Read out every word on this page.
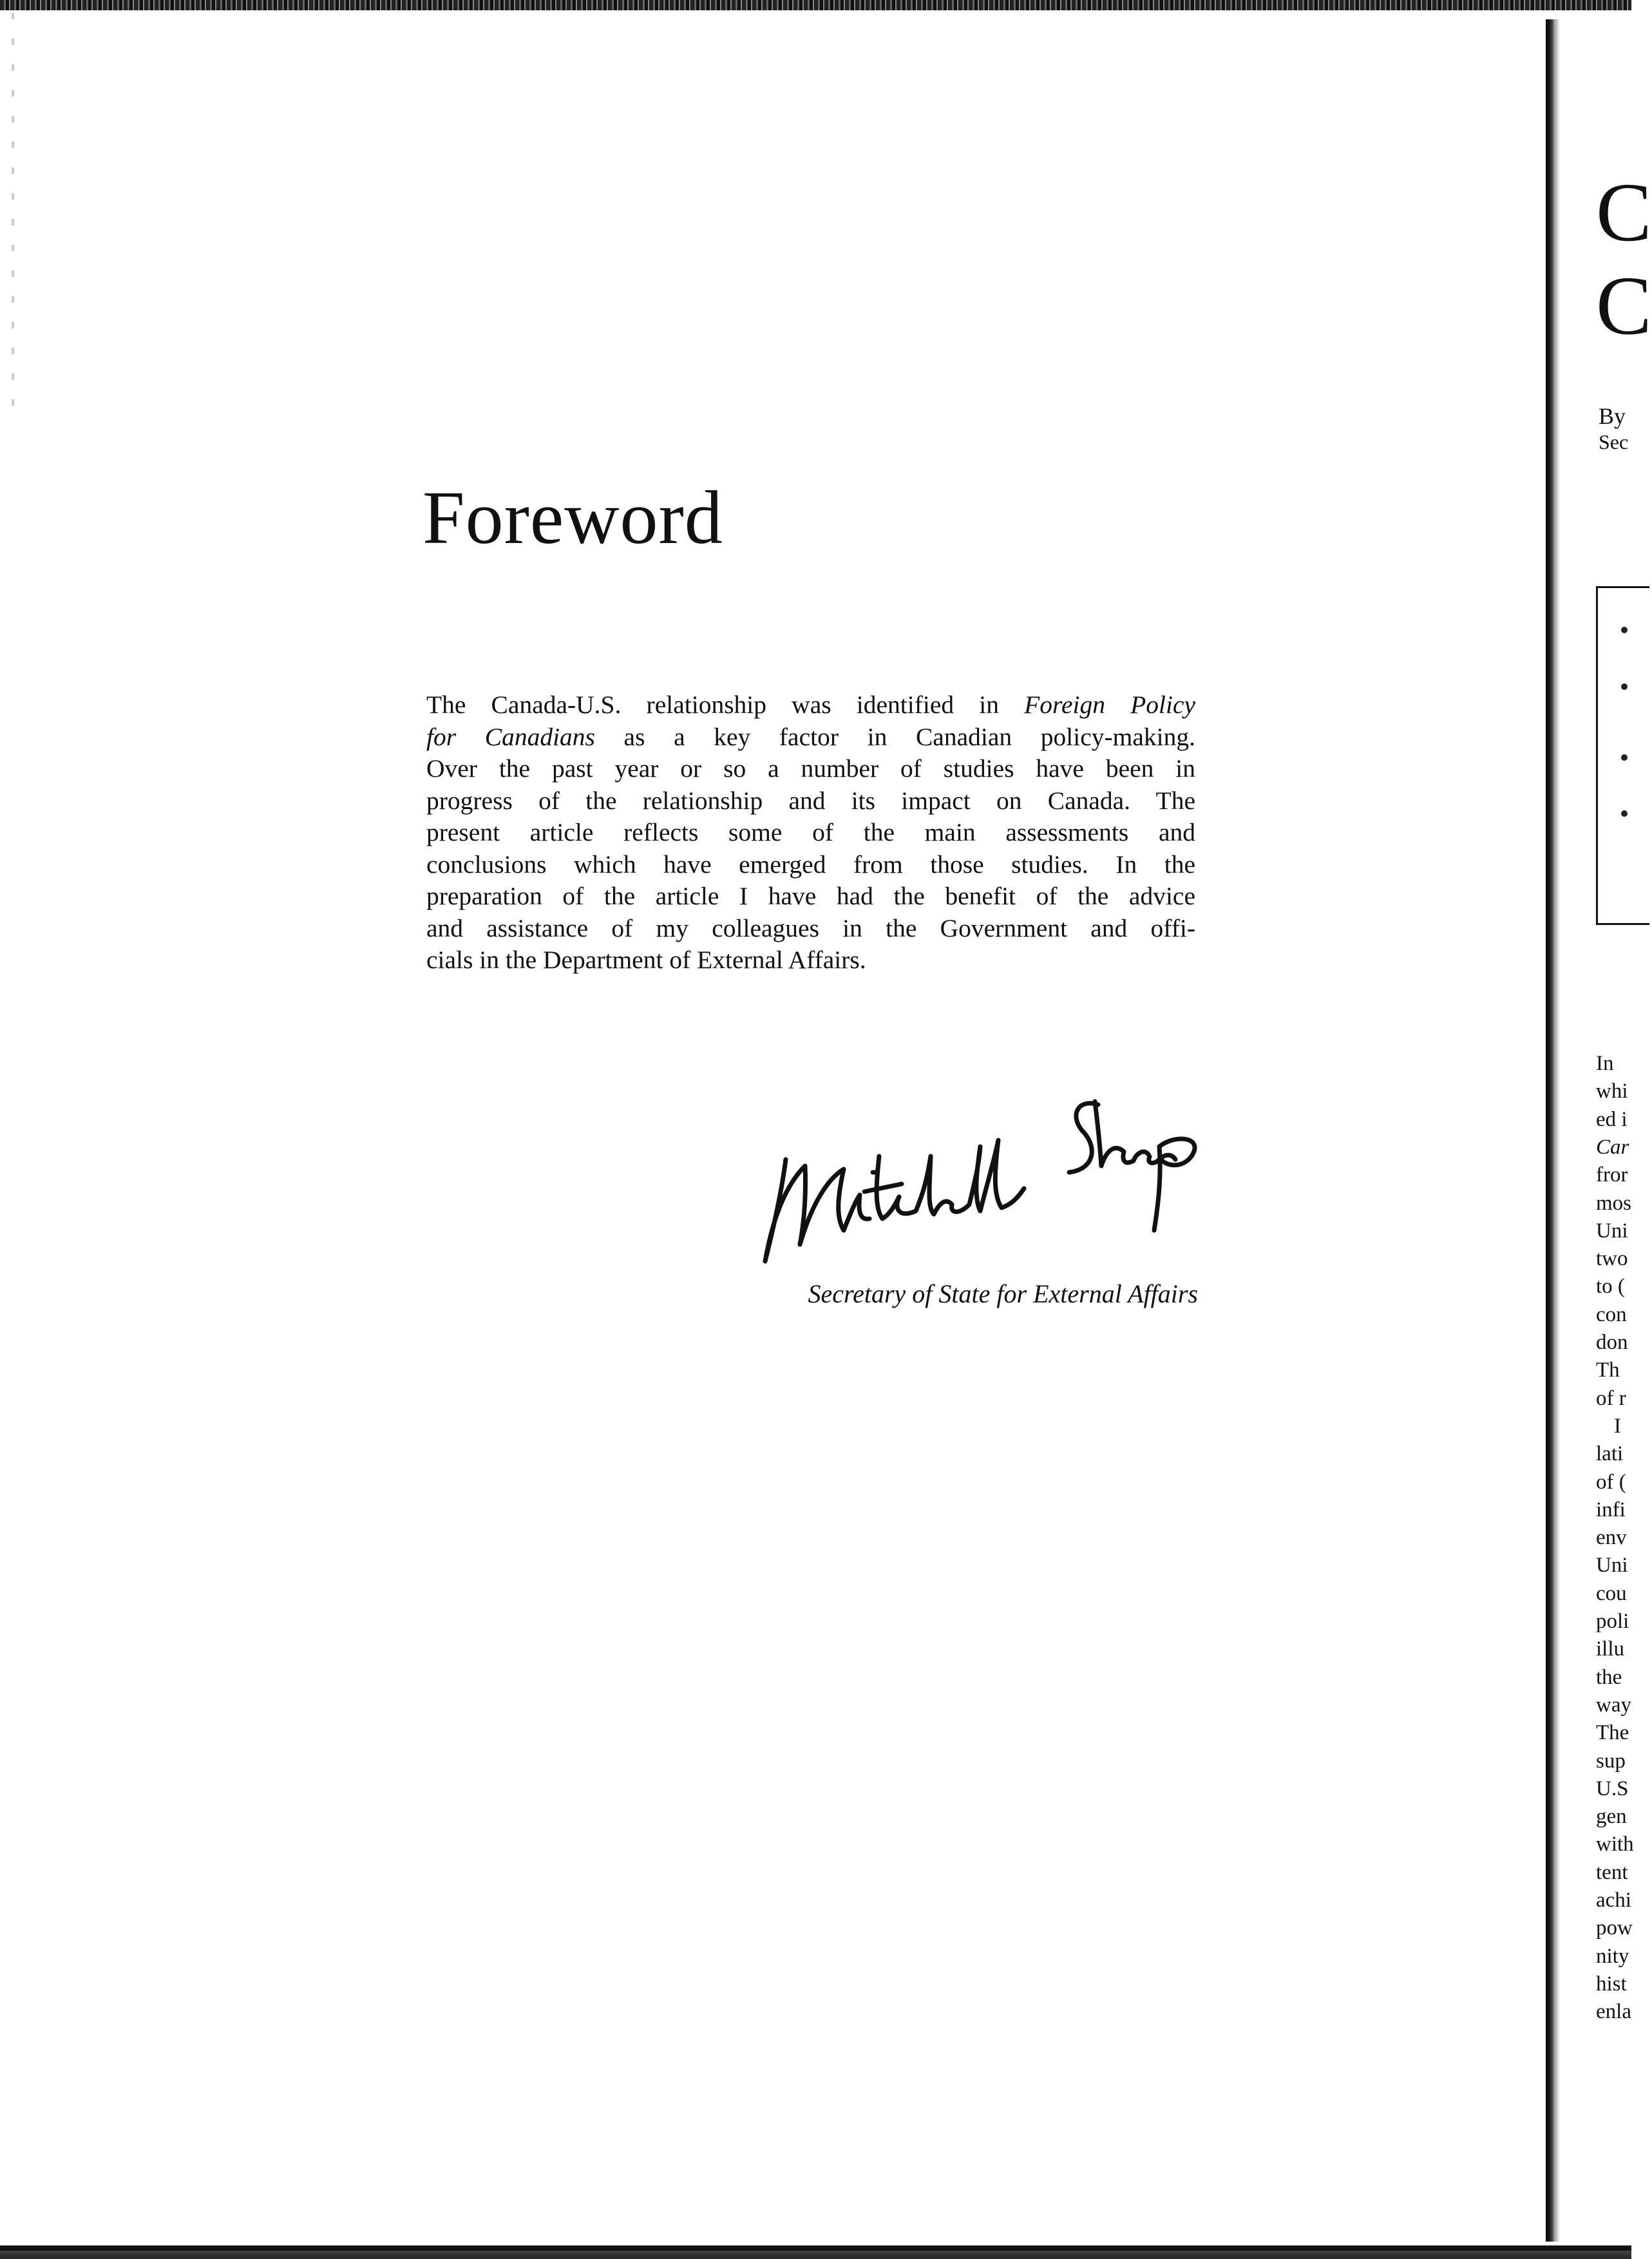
Foreword

The Canada-U.S. relationship was identified in Foreign Policy
for Canadians as a key factor in Canadian policy-making.
Over the past year or so a number of studies have been in
progress of the relationship and its impact on Canada. The
present article reflects some of the main assessments and
conclusions which have emerged from those studies. In the
preparation of the article I have had the benefit of the advice
and assistance of my colleagues in the Government and offi-
cials in the Department of External Affairs.

Secretary of State for External Affairs
C
C
By
Sec
In
whi
ed i
Car
fror
mos
Uni
two
to (
con
don
Th
of r
I
lati
of (
infi
env
Uni
cou
poli
illu
the
way
The
sup
U.S
gen
with
tent
achi
pow
nity
hist
enla
